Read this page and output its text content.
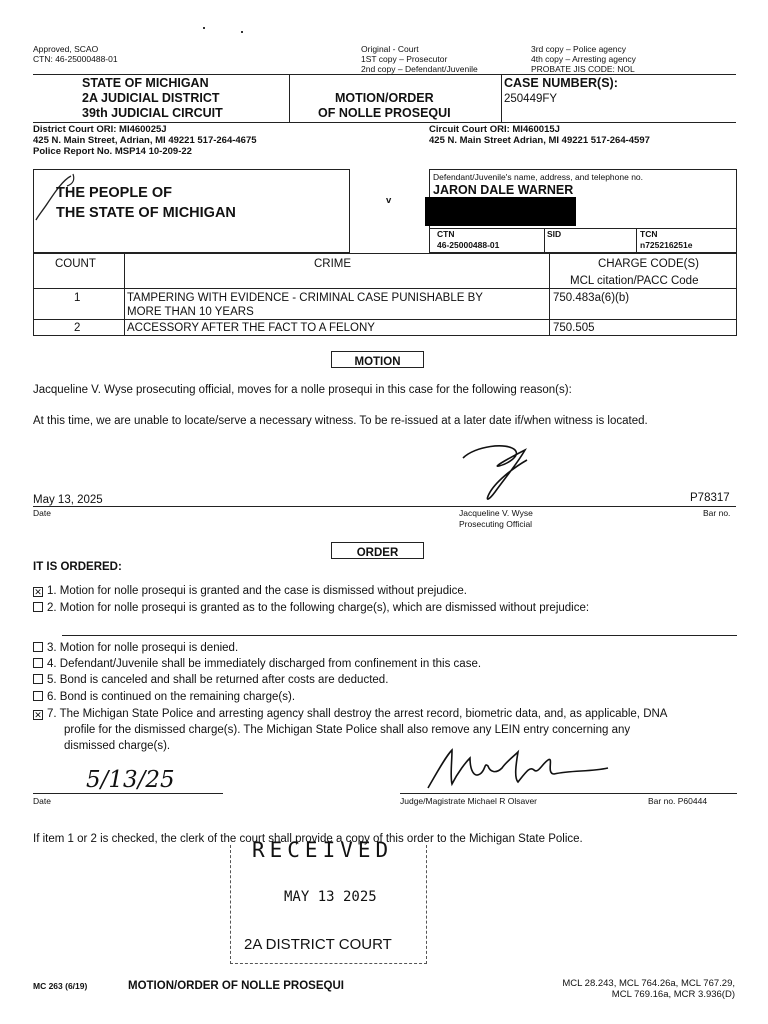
Approved, SCAO
CTN: 46-25000488-01
Original - Court
1ST copy – Prosecutor
2nd copy – Defendant/Juvenile
3rd copy – Police agency
4th copy – Arresting agency
PROBATE JIS CODE: NOL
STATE OF MICHIGAN
2A JUDICIAL DISTRICT
39th JUDICIAL CIRCUIT
MOTION/ORDER
OF NOLLE PROSEQUI
CASE NUMBER(S):
250449FY
District Court ORI: MI460025J
425 N. Main Street, Adrian, MI 49221 517-264-4675
Police Report No. MSP14 10-209-22
Circuit Court ORI: MI460015J
425 N. Main Street Adrian, MI 49221 517-264-4597
THE PEOPLE OF
THE STATE OF MICHIGAN
v
Defendant/Juvenile's name, address, and telephone no.
JARON DALE WARNER
CTN
46-25000488-01
SID	TCN
n725216251e
COUNT	CRIME	CHARGE CODE(S)
MCL citation/PACC Code
1	TAMPERING WITH EVIDENCE - CRIMINAL CASE PUNISHABLE BY
MORE THAN 10 YEARS
750.483a(6)(b)
2	ACCESSORY AFTER THE FACT TO A FELONY	750.505
MOTION
Jacqueline V. Wyse prosecuting official, moves for a nolle prosequi in this case for the following reason(s):
At this time, we are unable to locate/serve a necessary witness. To be re-issued at a later date if/when witness is located.
May 13, 2025
Date	Jacqueline V. Wyse
Prosecuting Official
P78317
Bar no.
ORDER
IT IS ORDERED:
✕ 1. Motion for nolle prosequi is granted and the case is dismissed without prejudice.
2. Motion for nolle prosequi is granted as to the following charge(s), which are dismissed without prejudice:
3. Motion for nolle prosequi is denied.
4. Defendant/Juvenile shall be immediately discharged from confinement in this case.
5. Bond is canceled and shall be returned after costs are deducted.
6. Bond is continued on the remaining charge(s).
✕ 7. The Michigan State Police and arresting agency shall destroy the arrest record, biometric data, and, as applicable, DNA
profile for the dismissed charge(s). The Michigan State Police shall also remove any LEIN entry concerning any
dismissed charge(s).
5/13/25
Date	Judge/Magistrate Michael R Olsaver	Bar no. P60444
If item 1 or 2 is checked, the clerk of the court shall provide a copy of this order to the Michigan State Police.
RECEIVED
MAY 13 2025
2A DISTRICT COURT
MC 263 (6/19)	MOTION/ORDER OF NOLLE PROSEQUI	MCL 28.243, MCL 764.26a, MCL 767.29,
MCL 769.16a, MCR 3.936(D)
